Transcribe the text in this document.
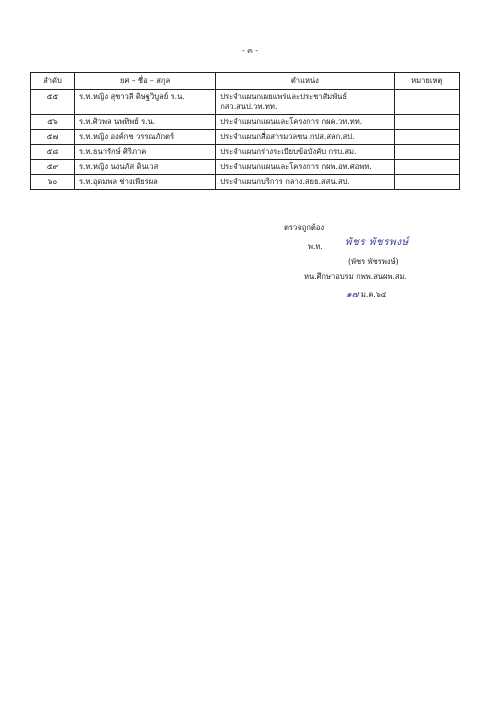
- ๓ -
ลำดับ	ยศ – ชื่อ – สกุล	ตำแหน่ง	หมายเหตุ
๕๕	ร.ท.หญิง สุชาวลี ดิษฐวิบูลย์ ร.น.	ประจำแผนกเผยแพร่และประชาสัมพันธ์
กสว.สนป.วท.ทท.	

๕๖	ร.ท.ศิวพล นพทิพย์ ร.น.	ประจำแผนกแผนและโครงการ กผค.วท.ทท.	
๕๗	ร.ท.หญิง องค์กช วรรณภักตร์	ประจำแผนกสื่อสารมวลชน กปส.สลก.สป.	
๕๘	ร.ท.ธนารักษ์ ศิริภาค	ประจำแผนกร่างระเบียบข้อบังคับ กรบ.สม.	
๕๙	ร.ท.หญิง นงนภัส ดินเวส	ประจำแผนกแผนและโครงการ กผพ.อท.ศอพท.	
๖๐	ร.ท.อุดมพล ช่างเพียรผล	ประจำแผนกบริการ กลาง.สยธ.สสน.สป.	
ตรวจถูกต้อง
พ.ท. พัชร พัชรพงษ์
(พัชร พัชรพงษ์)
หน.ศึกษาอบรม กพพ.สนผพ.สม.
๑๗ ม.ค.๖๔
